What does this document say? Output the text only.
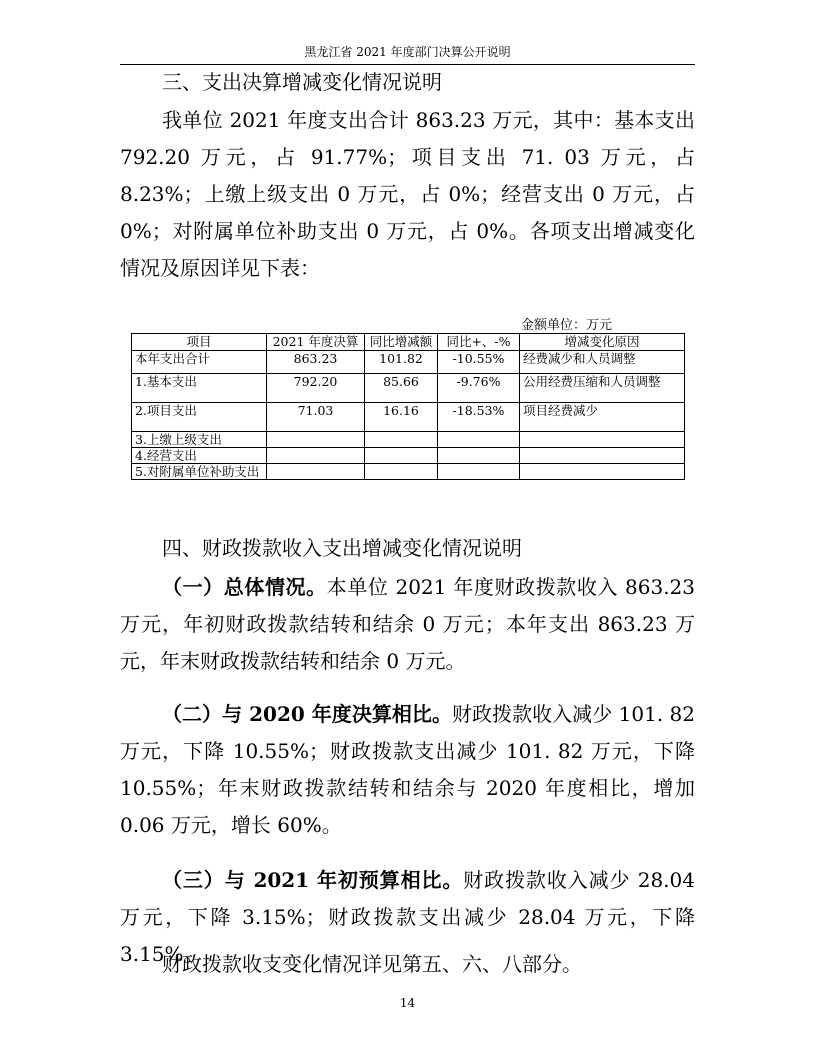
黑龙江省 2021 年度部门决算公开说明
三、支出决算增减变化情况说明
我单位 2021 年度支出合计 863.23 万元，其中：基本支出 792.20 万元，占 91.77%；项目支出 71. 03 万元，占 8.23%；上缴上级支出 0 万元，占 0%；经营支出 0 万元，占 0%；对附属单位补助支出 0 万元，占 0%。各项支出增减变化情况及原因详见下表：
金额单位：万元
项目	2021 年度决算	同比增减额	同比+、-%	增减变化原因
本年支出合计	863.23	101.82	-10.55%	经费减少和人员调整
1.基本支出	792.20	85.66	-9.76%	公用经费压缩和人员调整
2.项目支出	71.03	16.16	-18.53%	项目经费减少
3.上缴上级支出				
4.经营支出				
5.对附属单位补助支出				
四、财政拨款收入支出增减变化情况说明
（一）总体情况。本单位 2021 年度财政拨款收入 863.23 万元，年初财政拨款结转和结余 0 万元；本年支出 863.23 万元，年末财政拨款结转和结余 0 万元。
（二）与 2020 年度决算相比。财政拨款收入减少 101. 82 万元，下降 10.55%；财政拨款支出减少 101. 82 万元，下降 10.55%；年末财政拨款结转和结余与 2020 年度相比，增加 0.06 万元，增长 60%。
（三）与 2021 年初预算相比。财政拨款收入减少 28.04 万元，下降 3.15%；财政拨款支出减少 28.04 万元，下降 3.15%。
财政拨款收支变化情况详见第五、六、八部分。
14
